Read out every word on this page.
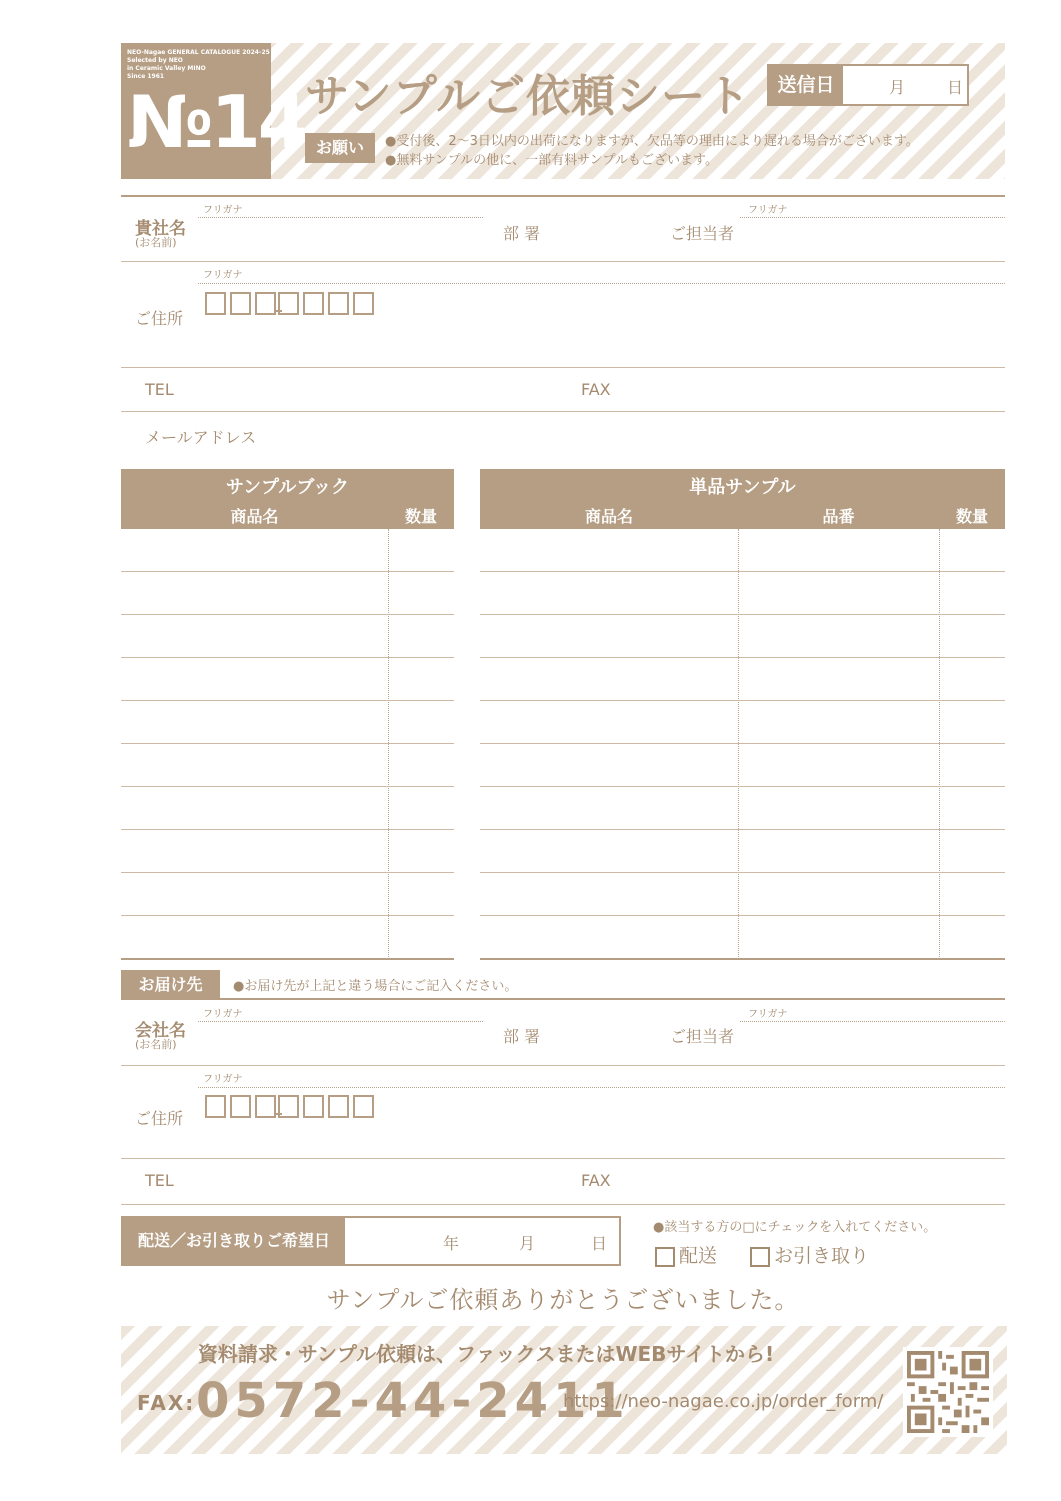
NEO-Nagae GENERAL CATALOGUE 2024-25
Selected by NEO
in Ceramic Valley MINO
Since 1961
№14 サンプルご依頼シート	送信日	月	日
お願い	●受付後、2～3日以内の出荷になりますが、欠品等の理由により遅れる場合がございます。
●無料サンプルの他に、一部有料サンプルもございます。
フリガナ	フリガナ
貴社名
(お名前)	部 署	ご担当者
フリガナ
ご住所
TEL	FAX
メールアドレス
サンプルブック
商品名	数量
単品サンプル
商品名	品番	数量
お届け先	●お届け先が上記と違う場合にご記入ください。
フリガナ	フリガナ
会社名
(お名前)	部 署	ご担当者
フリガナ
ご住所
TEL	FAX
配送／お引き取りご希望日	年	月	日
●該当する方の□にチェックを入れてください。
配送	お引き取り
サンプルご依頼ありがとうございました。
資料請求・サンプル依頼は、ファックスまたはWEBサイトから!
FAX: 0572-44-2411
https://neo-nagae.co.jp/order_form/
